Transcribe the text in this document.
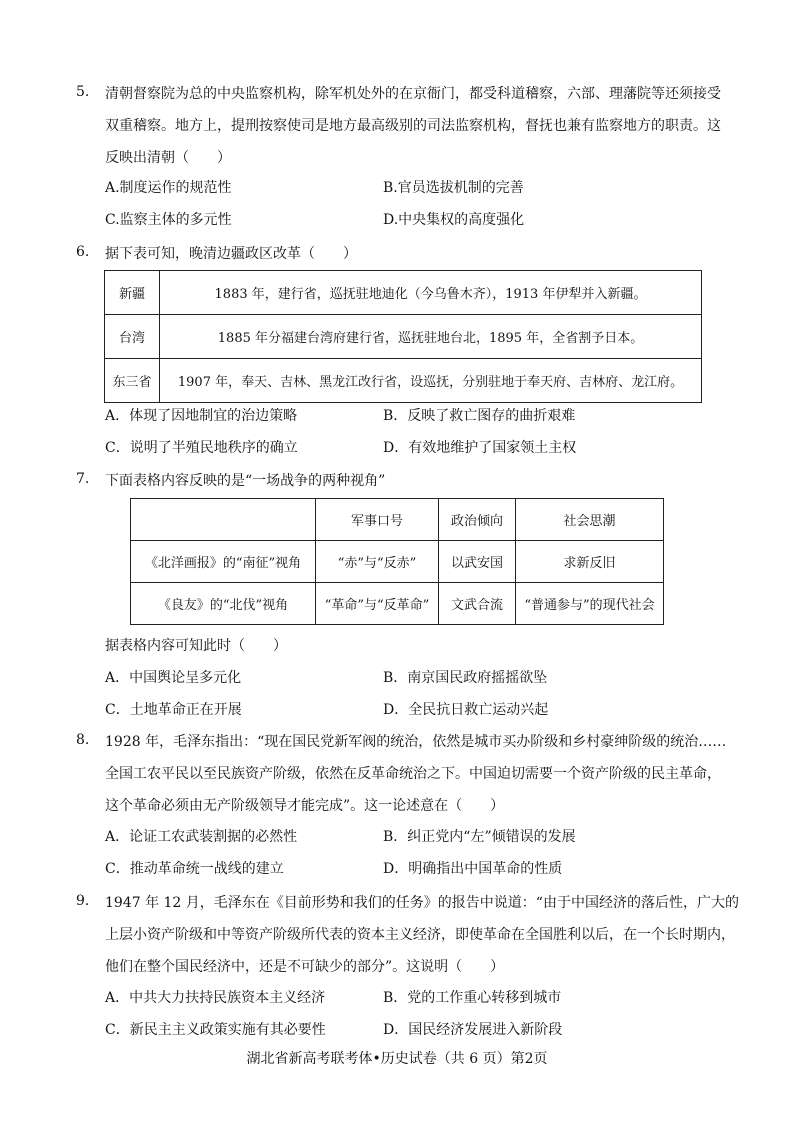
5. 清朝督察院为总的中央监察机构，除军机处外的在京衙门，都受科道稽察，六部、理藩院等还须接受
双重稽察。地方上，提刑按察使司是地方最高级别的司法监察机构，督抚也兼有监察地方的职责。这
反映出清朝（　　）
A.制度运作的规范性	B.官员选拔机制的完善
C.监察主体的多元性	D.中央集权的高度强化
6. 据下表可知，晚清边疆政区改革（　　）
新疆	1883 年，建行省，巡抚驻地迪化（今乌鲁木齐），1913 年伊犁并入新疆。
台湾	1885 年分福建台湾府建行省，巡抚驻地台北，1895 年，全省割予日本。
东三省	1907 年，奉天、吉林、黑龙江改行省，设巡抚，分别驻地于奉天府、吉林府、龙江府。
A．体现了因地制宜的治边策略	B．反映了救亡图存的曲折艰难
C．说明了半殖民地秩序的确立	D．有效地维护了国家领土主权
7. 下面表格内容反映的是“一场战争的两种视角”
	军事口号	政治倾向	社会思潮
《北洋画报》的“南征”视角	“赤”与“反赤”	以武安国	求新反旧
《良友》的“北伐”视角	“革命”与“反革命”	文武合流	“普通参与”的现代社会
据表格内容可知此时（　　）
A．中国舆论呈多元化	B．南京国民政府摇摇欲坠
C．土地革命正在开展	D．全民抗日救亡运动兴起
8. 1928 年，毛泽东指出：“现在国民党新军阀的统治，依然是城市买办阶级和乡村豪绅阶级的统治……
全国工农平民以至民族资产阶级，依然在反革命统治之下。中国迫切需要一个资产阶级的民主革命，
这个革命必须由无产阶级领导才能完成”。这一论述意在（　　）
A．论证工农武装割据的必然性	B．纠正党内“左”倾错误的发展
C．推动革命统一战线的建立	D．明确指出中国革命的性质
9. 1947 年 12 月，毛泽东在《目前形势和我们的任务》的报告中说道：“由于中国经济的落后性，广大的
上层小资产阶级和中等资产阶级所代表的资本主义经济，即使革命在全国胜利以后，在一个长时期内，
他们在整个国民经济中，还是不可缺少的部分”。这说明（　　）
A．中共大力扶持民族资本主义经济	B．党的工作重心转移到城市
C．新民主主义政策实施有其必要性	D．国民经济发展进入新阶段
湖北省新高考联考体•历史试卷（共 6 页）第2页
